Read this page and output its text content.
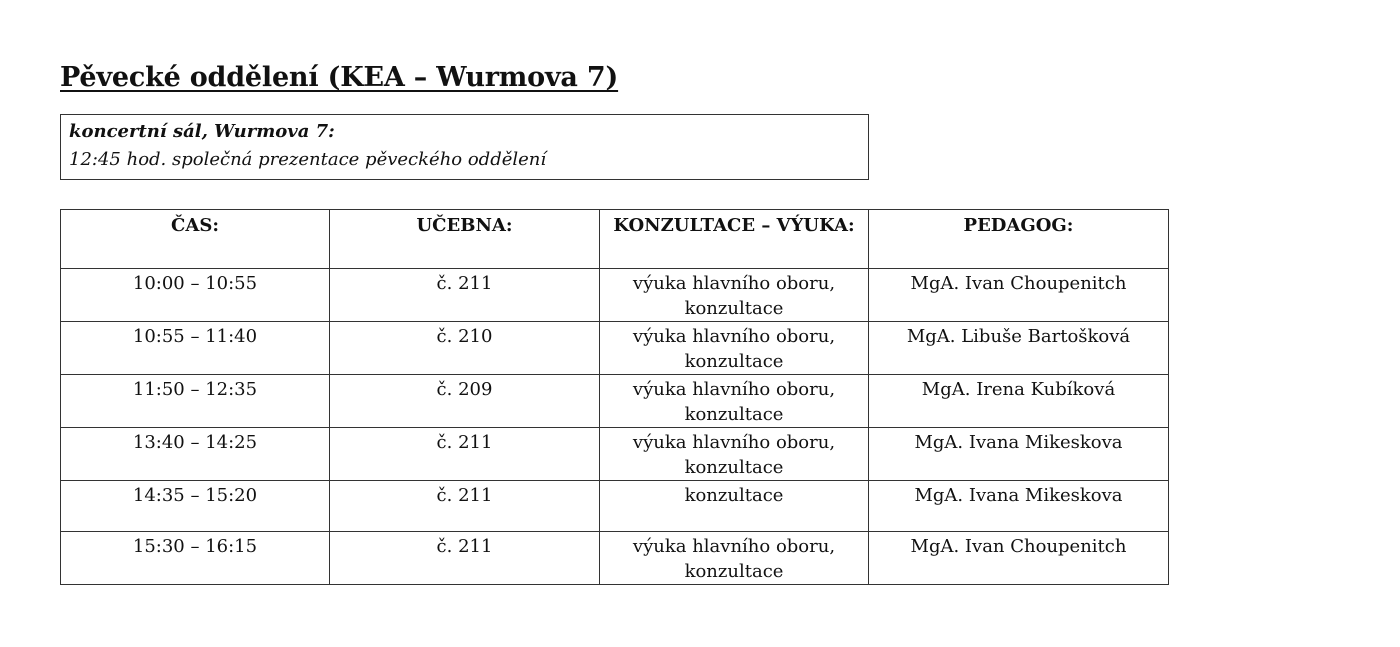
Pěvecké oddělení (KEA – Wurmova 7)
koncertní sál, Wurmova 7:
12:45 hod. společná prezentace pěveckého oddělení
ČAS:	UČEBNA:	KONZULTACE – VÝUKA:	PEDAGOG:
10:00 – 10:55	č. 211	výuka hlavního oboru, konzultace	MgA. Ivan Choupenitch
10:55 – 11:40	č. 210	výuka hlavního oboru, konzultace	MgA. Libuše Bartošková
11:50 – 12:35	č. 209	výuka hlavního oboru, konzultace	MgA. Irena Kubíková
13:40 – 14:25	č. 211	výuka hlavního oboru, konzultace	MgA. Ivana Mikeskova
14:35 – 15:20	č. 211	konzultace	MgA. Ivana Mikeskova
15:30 – 16:15	č. 211	výuka hlavního oboru, konzultace	MgA. Ivan Choupenitch
